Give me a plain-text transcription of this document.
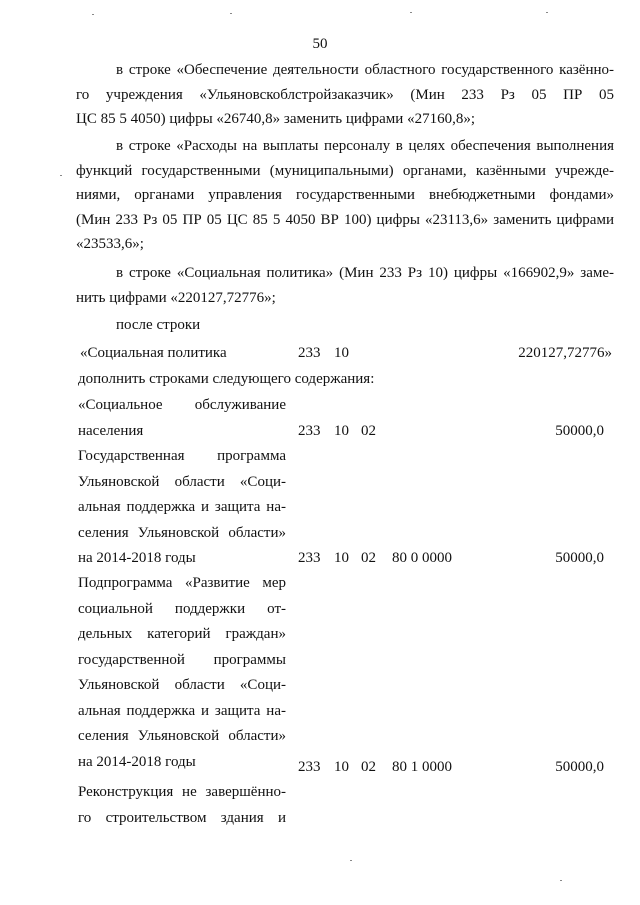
50
в строке «Обеспечение деятельности областного государственного казённо-
го учреждения «Ульяновскоблстройзаказчик» (Мин 233 Рз 05 ПР 05
ЦС 85 5 4050) цифры «26740,8» заменить цифрами «27160,8»;
в строке «Расходы на выплаты персоналу в целях обеспечения выполнения
функций государственными (муниципальными) органами, казёнными учрежде-
ниями, органами управления государственными внебюджетными фондами»
(Мин 233 Рз 05 ПР 05 ЦС 85 5 4050 ВР 100) цифры «23113,6» заменить цифрами
«23533,6»;
в строке «Социальная политика» (Мин 233 Рз 10) цифры «166902,9» заме-
нить цифрами «220127,72776»;
после строки
«Социальная политика	233 10	220127,72776»
дополнить строками следующего содержания:
«Социальное обслуживание
населения	233 10 02	50000,0
Государственная программа
Ульяновской области «Соци-
альная поддержка и защита на-
селения Ульяновской области»
на 2014-2018 годы	233 10 02 80 0 0000	50000,0
Подпрограмма «Развитие мер
социальной поддержки от-
дельных категорий граждан»
государственной программы
Ульяновской области «Соци-
альная поддержка и защита на-
селения Ульяновской области»
на 2014-2018 годы	233 10 02 80 1 0000	50000,0
Реконструкция не завершённо-
го строительством здания и
